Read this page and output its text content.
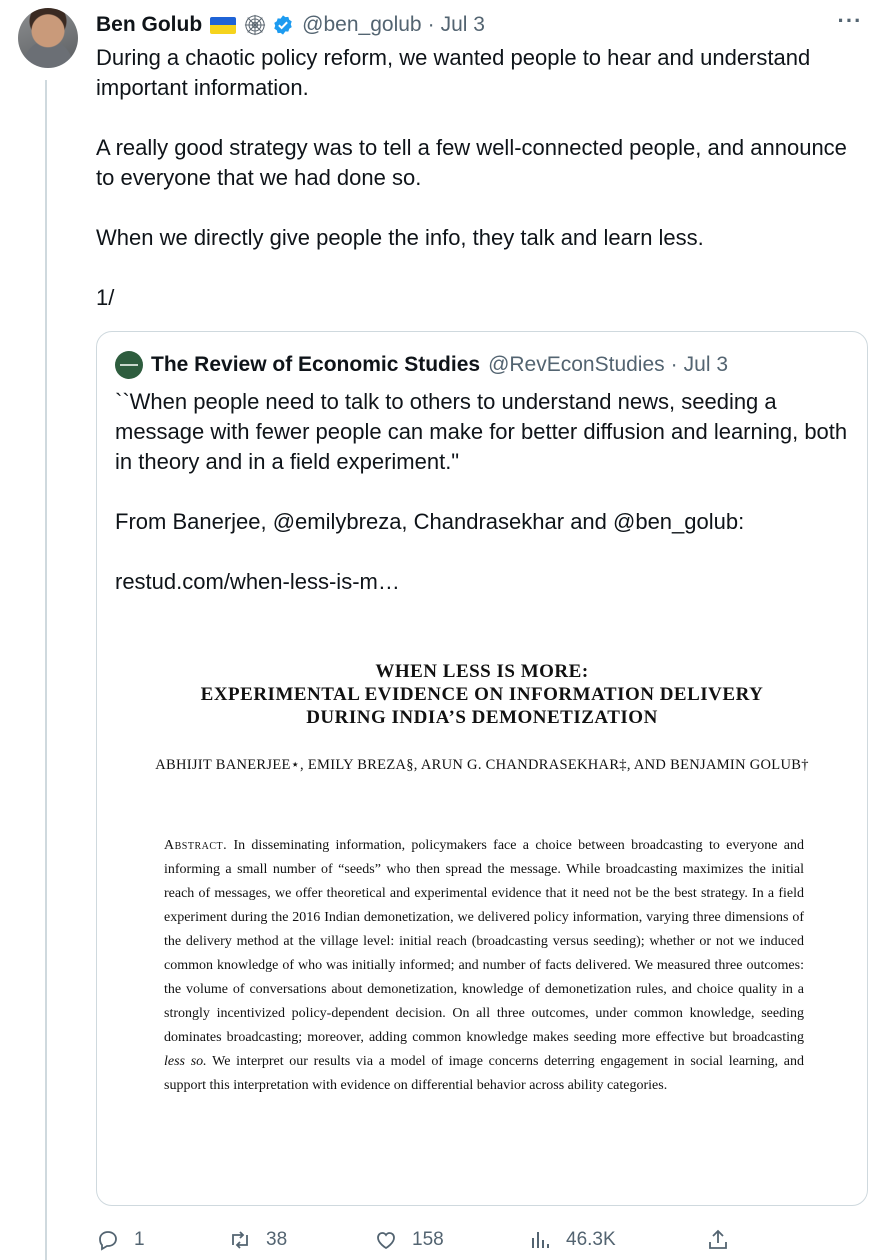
Ben Golub	@ben_golub · Jul 3	···

During a chaotic policy reform, we wanted people to hear and understand important information.

A really good strategy was to tell a few well-connected people, and announce to everyone that we had done so.

When we directly give people the info, they talk and learn less.

1/

The Review of Economic Studies @RevEconStudies · Jul 3

``When people need to talk to others to understand news, seeding a message with fewer people can make for better diffusion and learning, both in theory and in a field experiment."

From Banerjee, @emilybreza, Chandrasekhar and @ben_golub:

restud.com/when-less-is-m…

WHEN LESS IS MORE:
EXPERIMENTAL EVIDENCE ON INFORMATION DELIVERY
DURING INDIA’S DEMONETIZATION
ABHIJIT BANERJEE⋆, EMILY BREZA§, ARUN G. CHANDRASEKHAR‡, AND BENJAMIN GOLUB†
Abstract. In disseminating information, policymakers face a choice between broadcasting to everyone and informing a small number of “seeds” who then spread the message. While broadcasting maximizes the initial reach of messages, we offer theoretical and experimental evidence that it need not be the best strategy. In a field experiment during the 2016 Indian demonetization, we delivered policy information, varying three dimensions of the delivery method at the village level: initial reach (broadcasting versus seeding); whether or not we induced common knowledge of who was initially informed; and number of facts delivered. We measured three outcomes: the volume of conversations about demonetization, knowledge of demonetization rules, and choice quality in a strongly incentivized policy-dependent decision. On all three outcomes, under common knowledge, seeding dominates broadcasting; moreover, adding common knowledge makes seeding more effective but broadcasting less so. We interpret our results via a model of image concerns deterring engagement in social learning, and support this interpretation with evidence on differential behavior across ability categories.
1	38	158	46.3K
